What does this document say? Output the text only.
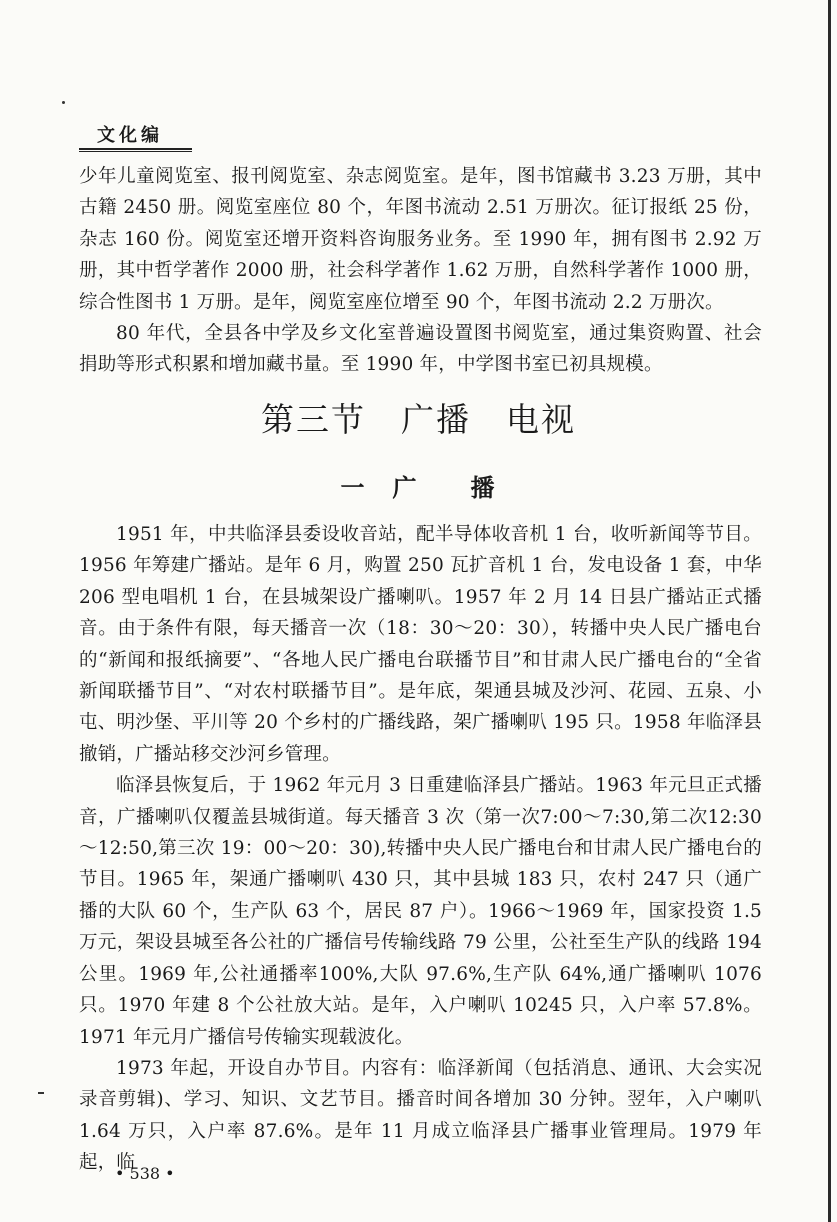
文化编

少年儿童阅览室、报刊阅览室、杂志阅览室。是年，图书馆藏书 3.23 万册，其中古籍 2450 册。阅览室座位 80 个，年图书流动 2.51 万册次。征订报纸 25 份，杂志 160 份。阅览室还增开资料咨询服务业务。至 1990 年，拥有图书 2.92 万册，其中哲学著作 2000 册，社会科学著作 1.62 万册，自然科学著作 1000 册，综合性图书 1 万册。是年，阅览室座位增至 90 个，年图书流动 2.2 万册次。

80 年代，全县各中学及乡文化室普遍设置图书阅览室，通过集资购置、社会捐助等形式积累和增加藏书量。至 1990 年，中学图书室已初具规模。

第三节　广播　电视
一　广　　播

1951 年，中共临泽县委设收音站，配半导体收音机 1 台，收听新闻等节目。1956 年筹建广播站。是年 6 月，购置 250 瓦扩音机 1 台，发电设备 1 套，中华 206 型电唱机 1 台，在县城架设广播喇叭。1957 年 2 月 14 日县广播站正式播音。由于条件有限，每天播音一次（18：30～20：30），转播中央人民广播电台的“新闻和报纸摘要”、“各地人民广播电台联播节目”和甘肃人民广播电台的“全省新闻联播节目”、“对农村联播节目”。是年底，架通县城及沙河、花园、五泉、小屯、明沙堡、平川等 20 个乡村的广播线路，架广播喇叭 195 只。1958 年临泽县撤销，广播站移交沙河乡管理。

临泽县恢复后，于 1962 年元月 3 日重建临泽县广播站。1963 年元旦正式播音，广播喇叭仅覆盖县城街道。每天播音 3 次（第一次7:00～7:30,第二次12:30～12:50,第三次 19：00～20：30),转播中央人民广播电台和甘肃人民广播电台的节目。1965 年，架通广播喇叭 430 只，其中县城 183 只，农村 247 只（通广播的大队 60 个，生产队 63 个，居民 87 户）。1966～1969 年，国家投资 1.5 万元，架设县城至各公社的广播信号传输线路 79 公里，公社至生产队的线路 194 公里。1969 年,公社通播率100%,大队 97.6%,生产队 64%,通广播喇叭 1076 只。1970 年建 8 个公社放大站。是年，入户喇叭 10245 只，入户率 57.8%。1971 年元月广播信号传输实现载波化。

1973 年起，开设自办节目。内容有：临泽新闻（包括消息、通讯、大会实况录音剪辑)、学习、知识、文艺节目。播音时间各增加 30 分钟。翌年，入户喇叭 1.64 万只，入户率 87.6%。是年 11 月成立临泽县广播事业管理局。1979 年起，临

• 538 •
